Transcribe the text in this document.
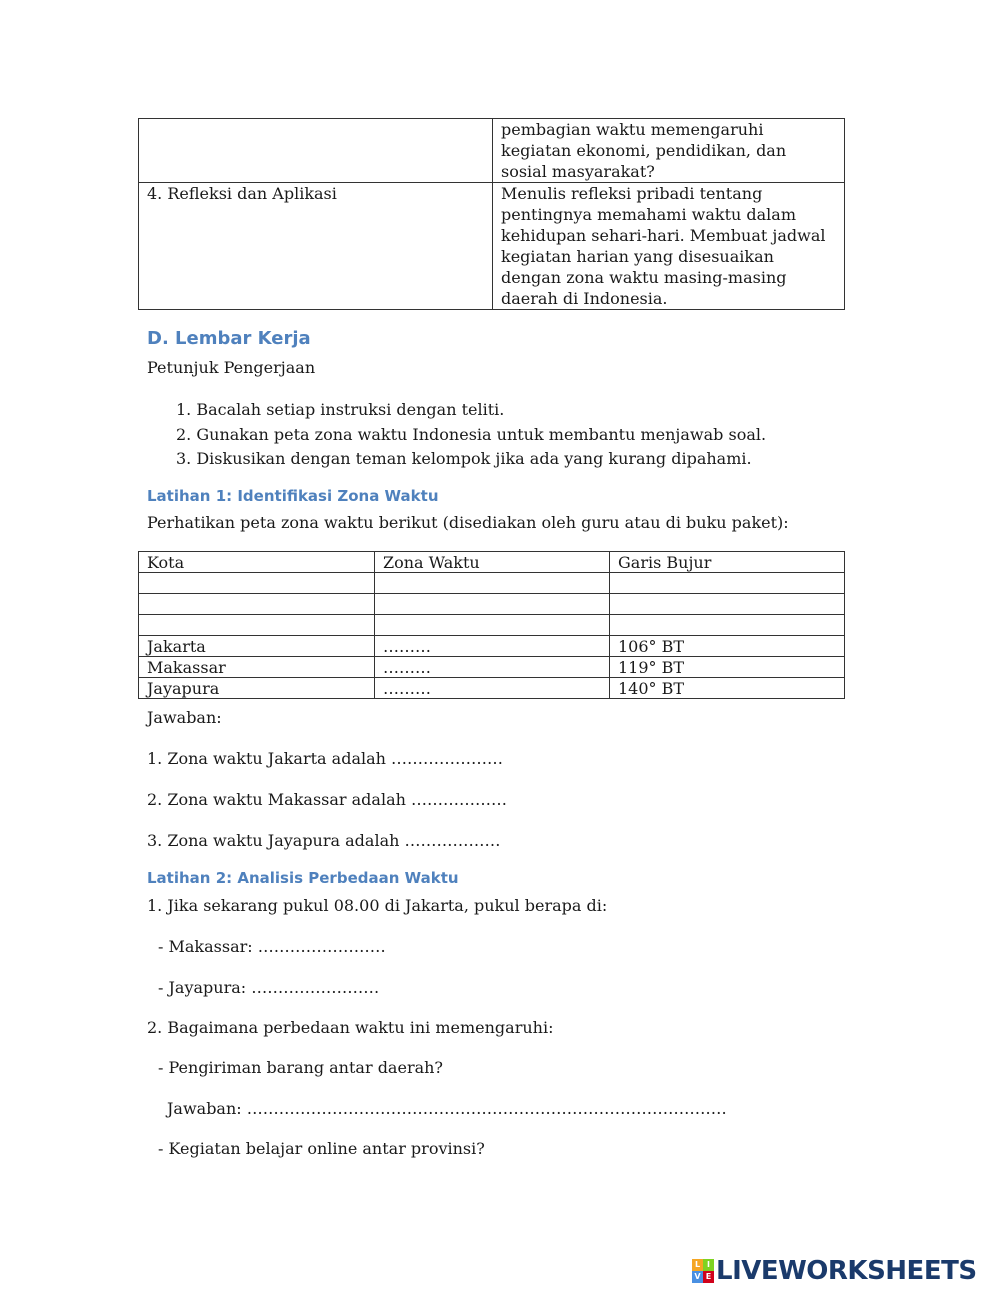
	pembagian waktu memengaruhi kegiatan ekonomi, pendidikan, dan sosial masyarakat?
4. Refleksi dan Aplikasi	Menulis refleksi pribadi tentang pentingnya memahami waktu dalam kehidupan sehari-hari. Membuat jadwal kegiatan harian yang disesuaikan dengan zona waktu masing-masing daerah di Indonesia.
D. Lembar Kerja
Petunjuk Pengerjaan
1. Bacalah setiap instruksi dengan teliti.
2. Gunakan peta zona waktu Indonesia untuk membantu menjawab soal.
3. Diskusikan dengan teman kelompok jika ada yang kurang dipahami.
Latihan 1: Identifikasi Zona Waktu
Perhatikan peta zona waktu berikut (disediakan oleh guru atau di buku paket):
Kota	Zona Waktu	Garis Bujur

Jakarta	………	106° BT
Makassar	………	119° BT
Jayapura	………	140° BT
Jawaban:
1. Zona waktu Jakarta adalah …………………
2. Zona waktu Makassar adalah ………………
3. Zona waktu Jayapura adalah ………………
Latihan 2: Analisis Perbedaan Waktu
1. Jika sekarang pukul 08.00 di Jakarta, pukul berapa di:
- Makassar: ……………………
- Jayapura: ……………………
2. Bagaimana perbedaan waktu ini memengaruhi:
- Pengiriman barang antar daerah?
Jawaban: ………………………………………………………………………………
- Kegiatan belajar online antar provinsi?
L I
V E LIVEWORKSHEETS
